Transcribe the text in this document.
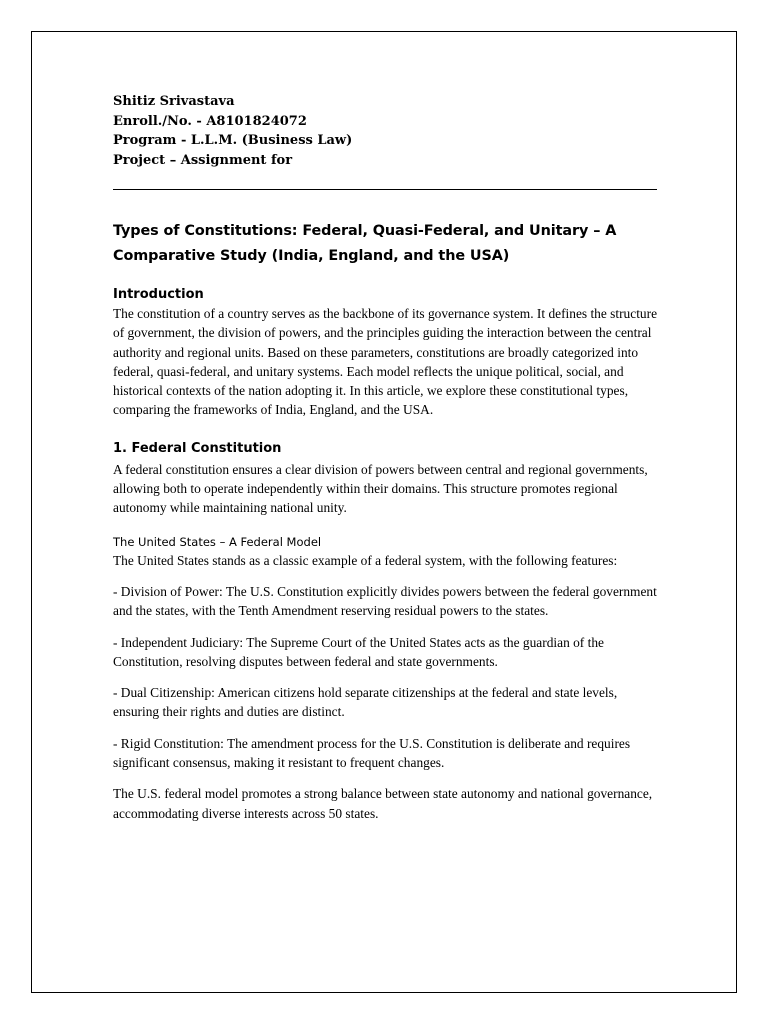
Shitiz Srivastava
Enroll./No. - A8101824072
Program - L.L.M. (Business Law)
Project – Assignment for
Types of Constitutions: Federal, Quasi-Federal, and Unitary – A
Comparative Study (India, England, and the USA)
Introduction

The constitution of a country serves as the backbone of its governance system. It defines the structure of government, the division of powers, and the principles guiding the interaction between the central authority and regional units. Based on these parameters, constitutions are broadly categorized into federal, quasi-federal, and unitary systems. Each model reflects the unique political, social, and historical contexts of the nation adopting it. In this article, we explore these constitutional types, comparing the frameworks of India, England, and the USA.

1. Federal Constitution

A federal constitution ensures a clear division of powers between central and regional governments, allowing both to operate independently within their domains. This structure promotes regional autonomy while maintaining national unity.

The United States – A Federal Model

The United States stands as a classic example of a federal system, with the following features:

- Division of Power: The U.S. Constitution explicitly divides powers between the federal government and the states, with the Tenth Amendment reserving residual powers to the states.

- Independent Judiciary: The Supreme Court of the United States acts as the guardian of the Constitution, resolving disputes between federal and state governments.

- Dual Citizenship: American citizens hold separate citizenships at the federal and state levels, ensuring their rights and duties are distinct.

- Rigid Constitution: The amendment process for the U.S. Constitution is deliberate and requires significant consensus, making it resistant to frequent changes.

The U.S. federal model promotes a strong balance between state autonomy and national governance, accommodating diverse interests across 50 states.
